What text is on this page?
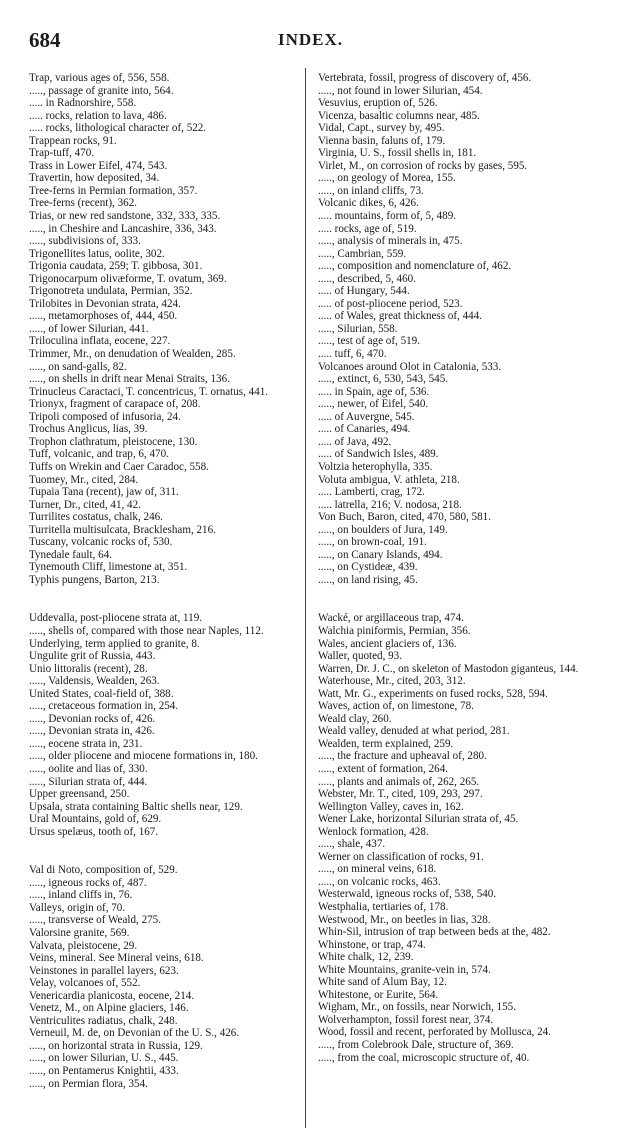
684	INDEX.
Trap, various ages of, 556, 558.
....., passage of granite into, 564.
..... in Radnorshire, 558.
..... rocks, relation to lava, 486.
..... rocks, lithological character of, 522.
Trappean rocks, 91.
Trap-tuff, 470.
Trass in Lower Eifel, 474, 543.
Travertin, how deposited, 34.
Tree-ferns in Permian formation, 357.
Tree-ferns (recent), 362.
Trias, or new red sandstone, 332, 333, 335.
....., in Cheshire and Lancashire, 336, 343.
....., subdivisions of, 333.
Trigonellites latus, oolite, 302.
Trigonia caudata, 259; T. gibbosa, 301.
Trigonocarpum olivæforme, T. ovatum, 369.
Trigonotreta undulata, Permian, 352.
Trilobites in Devonian strata, 424.
....., metamorphoses of, 444, 450.
....., of lower Silurian, 441.
Triloculina inflata, eocene, 227.
Trimmer, Mr., on denudation of Wealden, 285.
....., on sand-galls, 82.
....., on shells in drift near Menai Straits, 136.
Trinucleus Caractaci, T. concentricus, T. ornatus, 441.
Trionyx, fragment of carapace of, 208.
Tripoli composed of infusoria, 24.
Trochus Anglicus, lias, 39.
Trophon clathratum, pleistocene, 130.
Tuff, volcanic, and trap, 6, 470.
Tuffs on Wrekin and Caer Caradoc, 558.
Tuomey, Mr., cited, 284.
Tupaia Tana (recent), jaw of, 311.
Turner, Dr., cited, 41, 42.
Turrilites costatus, chalk, 246.
Turritella multisulcata, Bracklesham, 216.
Tuscany, volcanic rocks of, 530.
Tynedale fault, 64.
Tynemouth Cliff, limestone at, 351.
Typhis pungens, Barton, 213.
Uddevalla, post-pliocene strata at, 119.
....., shells of, compared with those near Naples, 112.
Underlying, term applied to granite, 8.
Ungulite grit of Russia, 443.
Unio littoralis (recent), 28.
....., Valdensis, Wealden, 263.
United States, coal-field of, 388.
....., cretaceous formation in, 254.
....., Devonian rocks of, 426.
....., Devonian strata in, 426.
....., eocene strata in, 231.
....., older pliocene and miocene formations in, 180.
....., oolite and lias of, 330.
....., Silurian strata of, 444.
Upper greensand, 250.
Upsala, strata containing Baltic shells near, 129.
Ural Mountains, gold of, 629.
Ursus spelæus, tooth of, 167.
Val di Noto, composition of, 529.
....., igneous rocks of, 487.
....., inland cliffs in, 76.
Valleys, origin of, 70.
....., transverse of Weald, 275.
Valorsine granite, 569.
Valvata, pleistocene, 29.
Veins, mineral. See Mineral veins, 618.
Veinstones in parallel layers, 623.
Velay, volcanoes of, 552.
Venericardia planicosta, eocene, 214.
Venetz, M., on Alpine glaciers, 146.
Ventriculites radiatus, chalk, 248.
Verneuil, M. de, on Devonian of the U. S., 426.
....., on horizontal strata in Russia, 129.
....., on lower Silurian, U. S., 445.
....., on Pentamerus Knightii, 433.
....., on Permian flora, 354.
Vertebrata, fossil, progress of discovery of, 456.
....., not found in lower Silurian, 454.
Vesuvius, eruption of, 526.
Vicenza, basaltic columns near, 485.
Vidal, Capt., survey by, 495.
Vienna basin, faluns of, 179.
Virginia, U. S., fossil shells in, 181.
Virlet, M., on corrosion of rocks by gases, 595.
....., on geology of Morea, 155.
....., on inland cliffs, 73.
Volcanic dikes, 6, 426.
..... mountains, form of, 5, 489.
..... rocks, age of, 519.
....., analysis of minerals in, 475.
....., Cambrian, 559.
....., composition and nomenclature of, 462.
....., described, 5, 460.
..... of Hungary, 544.
..... of post-pliocene period, 523.
..... of Wales, great thickness of, 444.
....., Silurian, 558.
....., test of age of, 519.
..... tuff, 6, 470.
Volcanoes around Olot in Catalonia, 533.
....., extinct, 6, 530, 543, 545.
..... in Spain, age of, 536.
....., newer, of Eifel, 540.
..... of Auvergne, 545.
..... of Canaries, 494.
..... of Java, 492.
..... of Sandwich Isles, 489.
Voltzia heterophylla, 335.
Voluta ambigua, V. athleta, 218.
..... Lamberti, crag, 172.
..... latrella, 216; V. nodosa, 218.
Von Buch, Baron, cited, 470, 580, 581.
....., on boulders of Jura, 149.
....., on brown-coal, 191.
....., on Canary Islands, 494.
....., on Cystideæ, 439.
....., on land rising, 45.
Wacké, or argillaceous trap, 474.
Walchia piniformis, Permian, 356.
Wales, ancient glaciers of, 136.
Waller, quoted, 93.
Warren, Dr. J. C., on skeleton of Mastodon giganteus, 144.
Waterhouse, Mr., cited, 203, 312.
Watt, Mr. G., experiments on fused rocks, 528, 594.
Waves, action of, on limestone, 78.
Weald clay, 260.
Weald valley, denuded at what period, 281.
Wealden, term explained, 259.
....., the fracture and upheaval of, 280.
....., extent of formation, 264.
....., plants and animals of, 262, 265.
Webster, Mr. T., cited, 109, 293, 297.
Wellington Valley, caves in, 162.
Wener Lake, horizontal Silurian strata of, 45.
Wenlock formation, 428.
....., shale, 437.
Werner on classification of rocks, 91.
....., on mineral veins, 618.
....., on volcanic rocks, 463.
Westerwald, igneous rocks of, 538, 540.
Westphalia, tertiaries of, 178.
Westwood, Mr., on beetles in lias, 328.
Whin-Sil, intrusion of trap between beds at the, 482.
Whinstone, or trap, 474.
White chalk, 12, 239.
White Mountains, granite-vein in, 574.
White sand of Alum Bay, 12.
Whitestone, or Eurite, 564.
Wigham, Mr., on fossils, near Norwich, 155.
Wolverhampton, fossil forest near, 374.
Wood, fossil and recent, perforated by Mollusca, 24.
....., from Colebrook Dale, structure of, 369.
....., from the coal, microscopic structure of, 40.
